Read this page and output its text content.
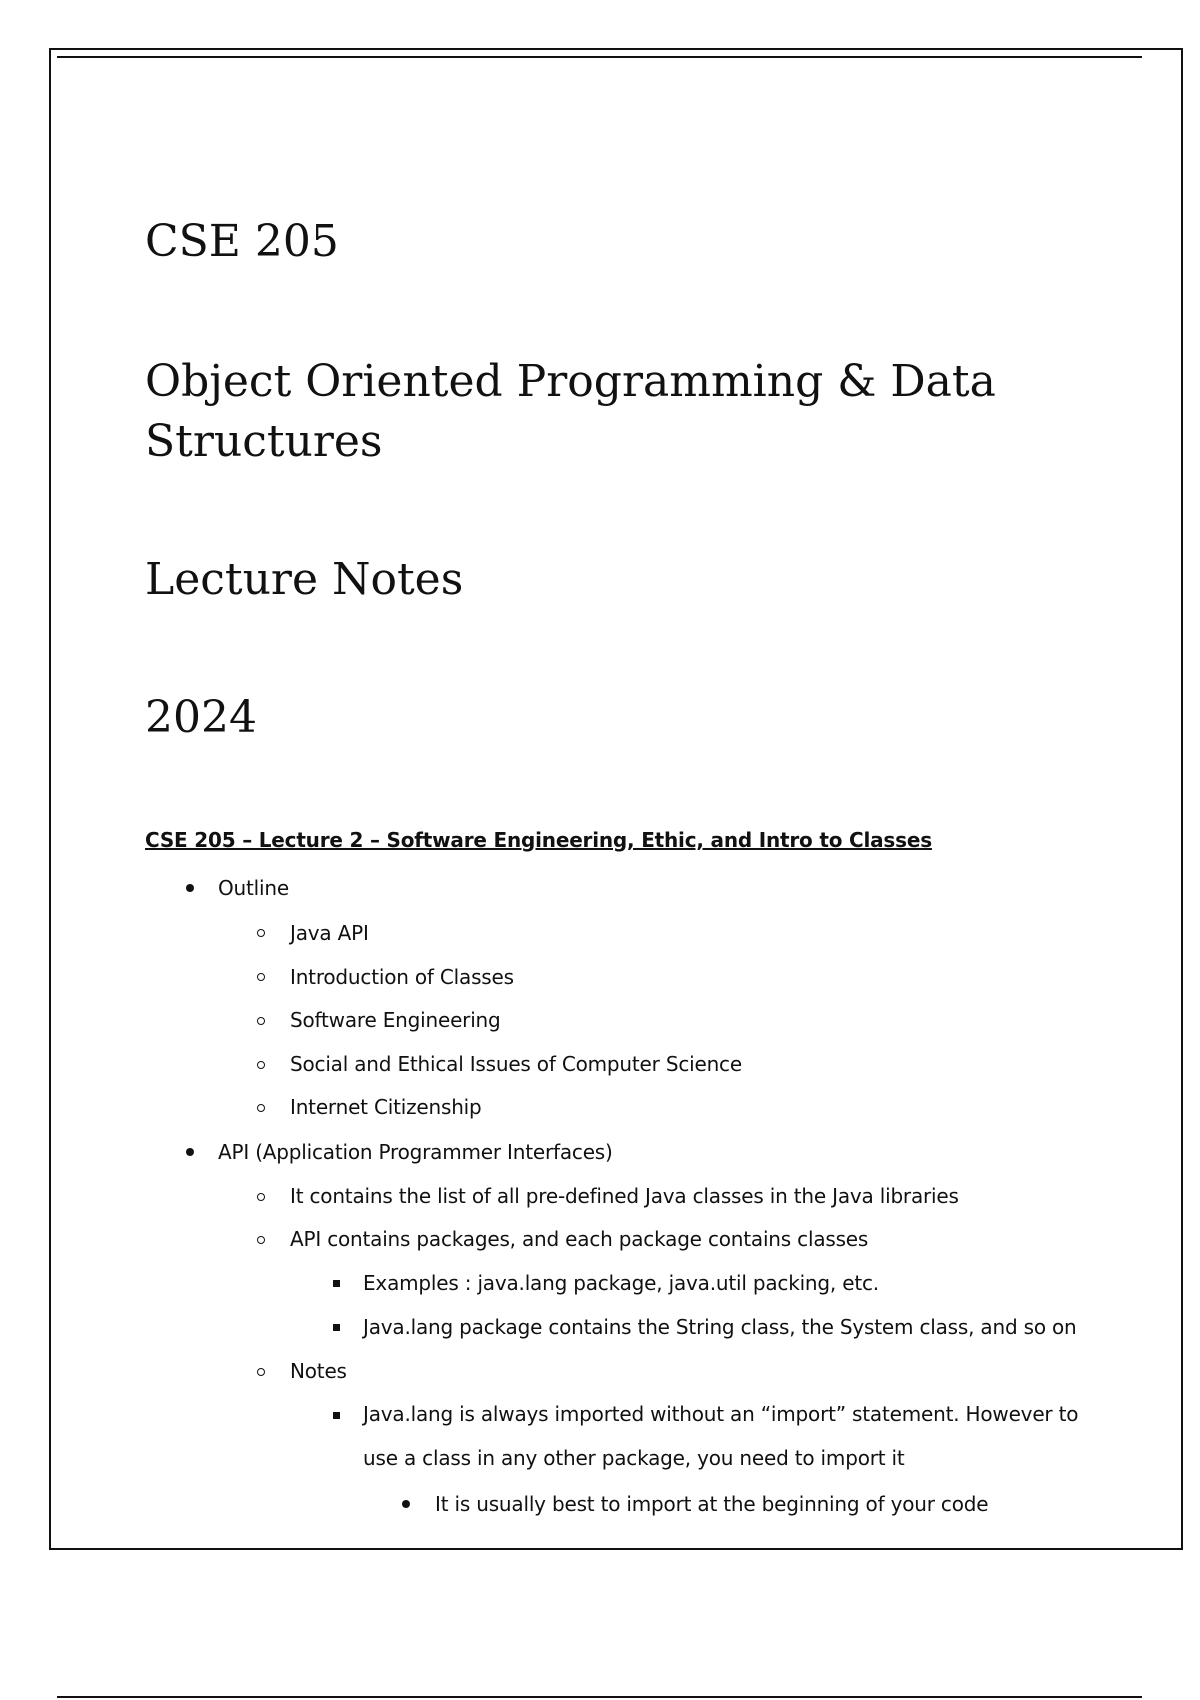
CSE 205
Object Oriented Programming & Data Structures
Lecture Notes
2024

CSE 205 – Lecture 2 – Software Engineering, Ethic, and Intro to Classes

Outline
Java API
Introduction of Classes
Software Engineering
Social and Ethical Issues of Computer Science
Internet Citizenship
API (Application Programmer Interfaces)
It contains the list of all pre-defined Java classes in the Java libraries
API contains packages, and each package contains classes
Examples : java.lang package, java.util packing, etc.
Java.lang package contains the String class, the System class, and so on
Notes
Java.lang is always imported without an “import” statement. However to
use a class in any other package, you need to import it
It is usually best to import at the beginning of your code
